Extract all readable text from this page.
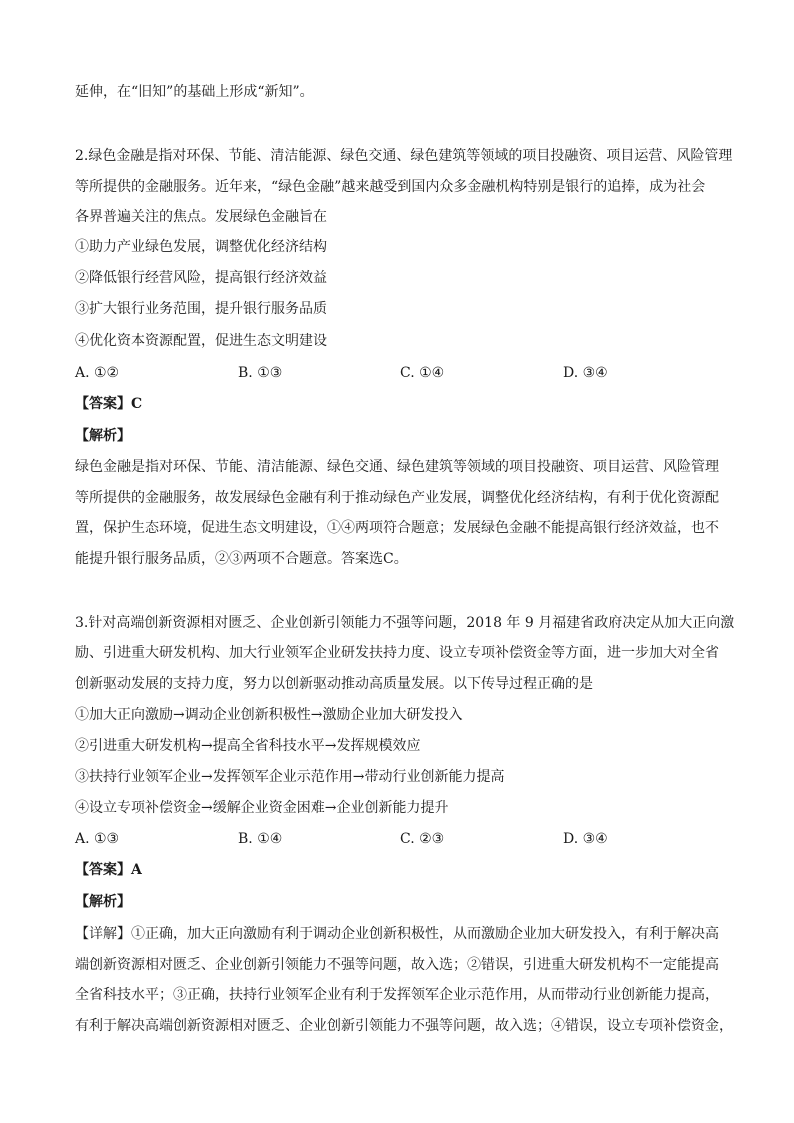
延伸，在“旧知”的基础上形成“新知”。
2.绿色金融是指对环保、节能、清洁能源、绿色交通、绿色建筑等领域的项目投融资、项目运营、风险管理
等所提供的金融服务。近年来，“绿色金融”越来越受到国内众多金融机构特别是银行的追捧，成为社会
各界普遍关注的焦点。发展绿色金融旨在
①助力产业绿色发展，调整优化经济结构
②降低银行经营风险，提高银行经济效益
③扩大银行业务范围，提升银行服务品质
④优化资本资源配置，促进生态文明建设
A. ①②	B. ①③	C. ①④	D. ③④
【答案】C
【解析】
绿色金融是指对环保、节能、清洁能源、绿色交通、绿色建筑等领域的项目投融资、项目运营、风险管理
等所提供的金融服务，故发展绿色金融有利于推动绿色产业发展，调整优化经济结构，有利于优化资源配
置，保护生态环境，促进生态文明建设，①④两项符合题意；发展绿色金融不能提高银行经济效益，也不
能提升银行服务品质，②③两项不合题意。答案选C。
3.针对高端创新资源相对匮乏、企业创新引领能力不强等问题，2018 年 9 月福建省政府决定从加大正向激
励、引进重大研发机构、加大行业领军企业研发扶持力度、设立专项补偿资金等方面，进一步加大对全省
创新驱动发展的支持力度，努力以创新驱动推动高质量发展。以下传导过程正确的是
①加大正向激励→调动企业创新积极性→激励企业加大研发投入
②引进重大研发机构→提高全省科技水平→发挥规模效应
③扶持行业领军企业→发挥领军企业示范作用→带动行业创新能力提高
④设立专项补偿资金→缓解企业资金困难→企业创新能力提升
A. ①③	B. ①④	C. ②③	D. ③④
【答案】A
【解析】
【详解】①正确，加大正向激励有利于调动企业创新积极性，从而激励企业加大研发投入，有利于解决高
端创新资源相对匮乏、企业创新引领能力不强等问题，故入选；②错误，引进重大研发机构不一定能提高
全省科技水平；③正确，扶持行业领军企业有利于发挥领军企业示范作用，从而带动行业创新能力提高，
有利于解决高端创新资源相对匮乏、企业创新引领能力不强等问题，故入选；④错误，设立专项补偿资金，
